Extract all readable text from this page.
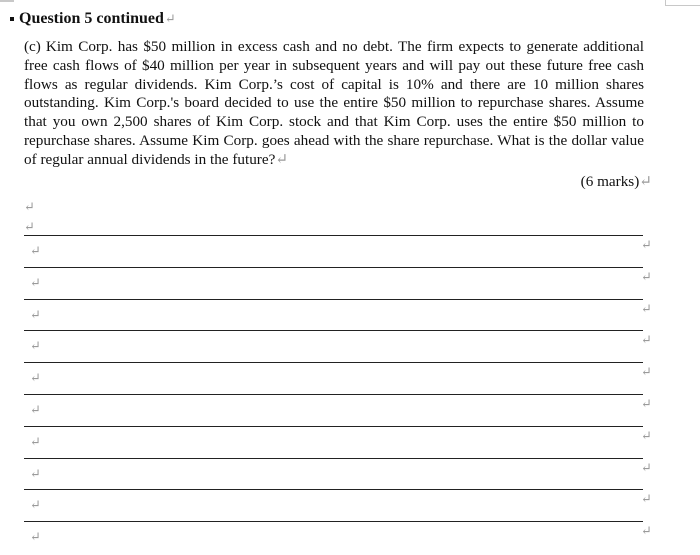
Question 5 continued↵
(c) Kim Corp. has $50 million in excess cash and no debt. The firm expects to generate additional free cash flows of $40 million per year in subsequent years and will pay out these future free cash flows as regular dividends. Kim Corp.’s cost of capital is 10% and there are 10 million shares outstanding. Kim Corp.'s board decided to use the entire $50 million to repurchase shares. Assume that you own 2,500 shares of Kim Corp. stock and that Kim Corp. uses the entire $50 million to repurchase shares. Assume Kim Corp. goes ahead with the share repurchase. What is the dollar value of regular annual dividends in the future?↵
(6 marks)↵
↵
↵
↵	↵
↵	↵
↵	↵
↵	↵
↵	↵
↵	↵
↵	↵
↵	↵
↵	↵
↵	↵
